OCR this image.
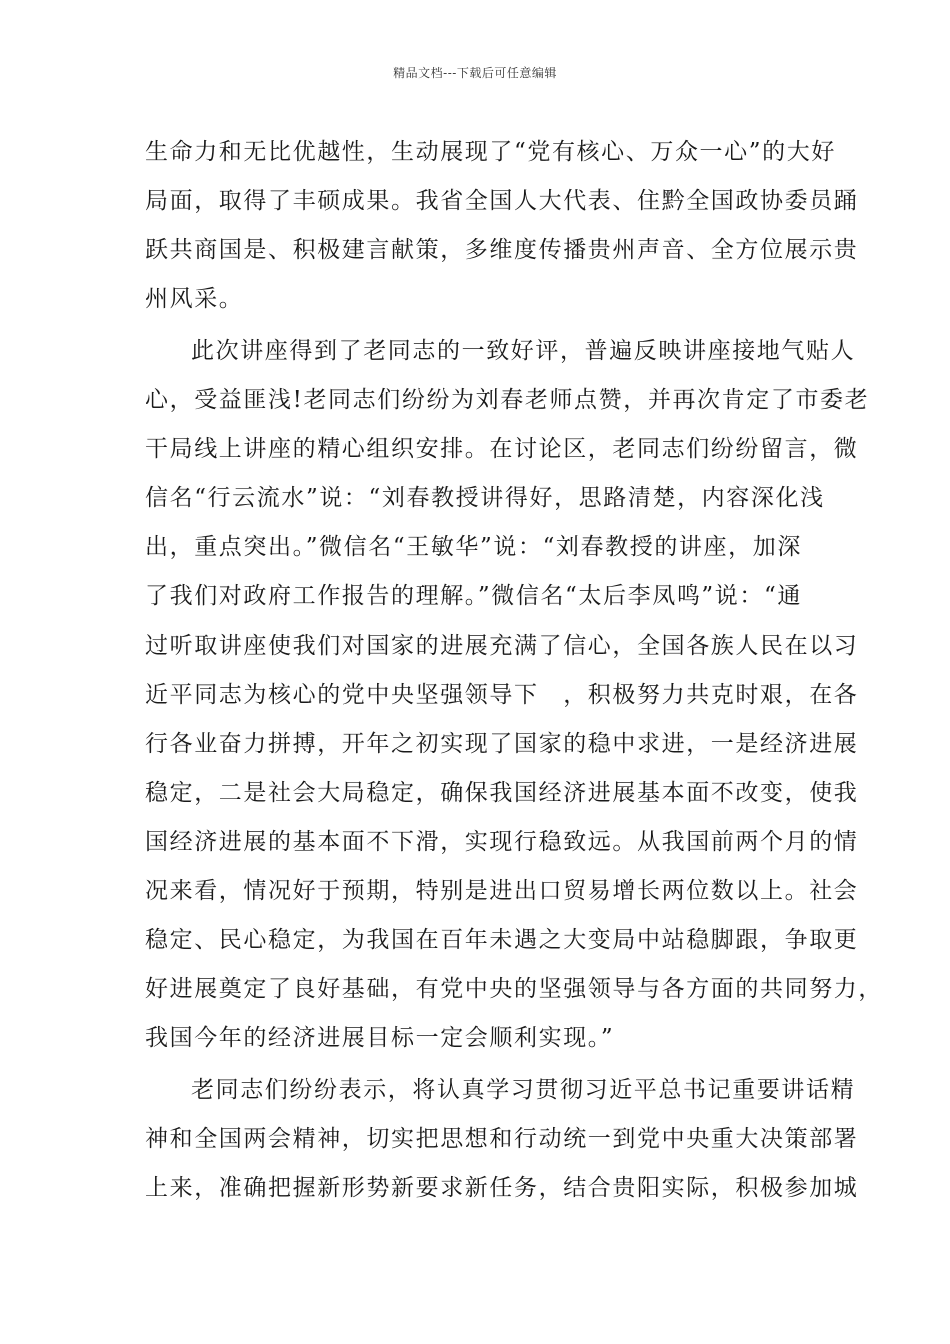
精品文档---下载后可任意编辑
生命力和无比优越性，生动展现了“党有核心、万众一心”的大好
局面，取得了丰硕成果。我省全国人大代表、住黔全国政协委员踊
跃共商国是、积极建言献策，多维度传播贵州声音、全方位展示贵
州风采。
此次讲座得到了老同志的一致好评，普遍反映讲座接地气贴人
心，受益匪浅!老同志们纷纷为刘春老师点赞，并再次肯定了市委老
干局线上讲座的精心组织安排。在讨论区，老同志们纷纷留言，微
信名“行云流水”说：“刘春教授讲得好，思路清楚，内容深化浅
出，重点突出。”微信名“王敏华”说：“刘春教授的讲座，加深
了我们对政府工作报告的理解。”微信名“太后李凤鸣”说：“通
过听取讲座使我们对国家的进展充满了信心，全国各族人民在以习
近平同志为核心的党中央坚强领导下　，积极努力共克时艰，在各
行各业奋力拼搏，开年之初实现了国家的稳中求进，一是经济进展
稳定，二是社会大局稳定，确保我国经济进展基本面不改变，使我
国经济进展的基本面不下滑，实现行稳致远。从我国前两个月的情
况来看，情况好于预期，特别是进出口贸易增长两位数以上。社会
稳定、民心稳定，为我国在百年未遇之大变局中站稳脚跟，争取更
好进展奠定了良好基础，有党中央的坚强领导与各方面的共同努力，
我国今年的经济进展目标一定会顺利实现。”
老同志们纷纷表示，将认真学习贯彻习近平总书记重要讲话精
神和全国两会精神，切实把思想和行动统一到党中央重大决策部署
上来，准确把握新形势新要求新任务，结合贵阳实际，积极参加城
